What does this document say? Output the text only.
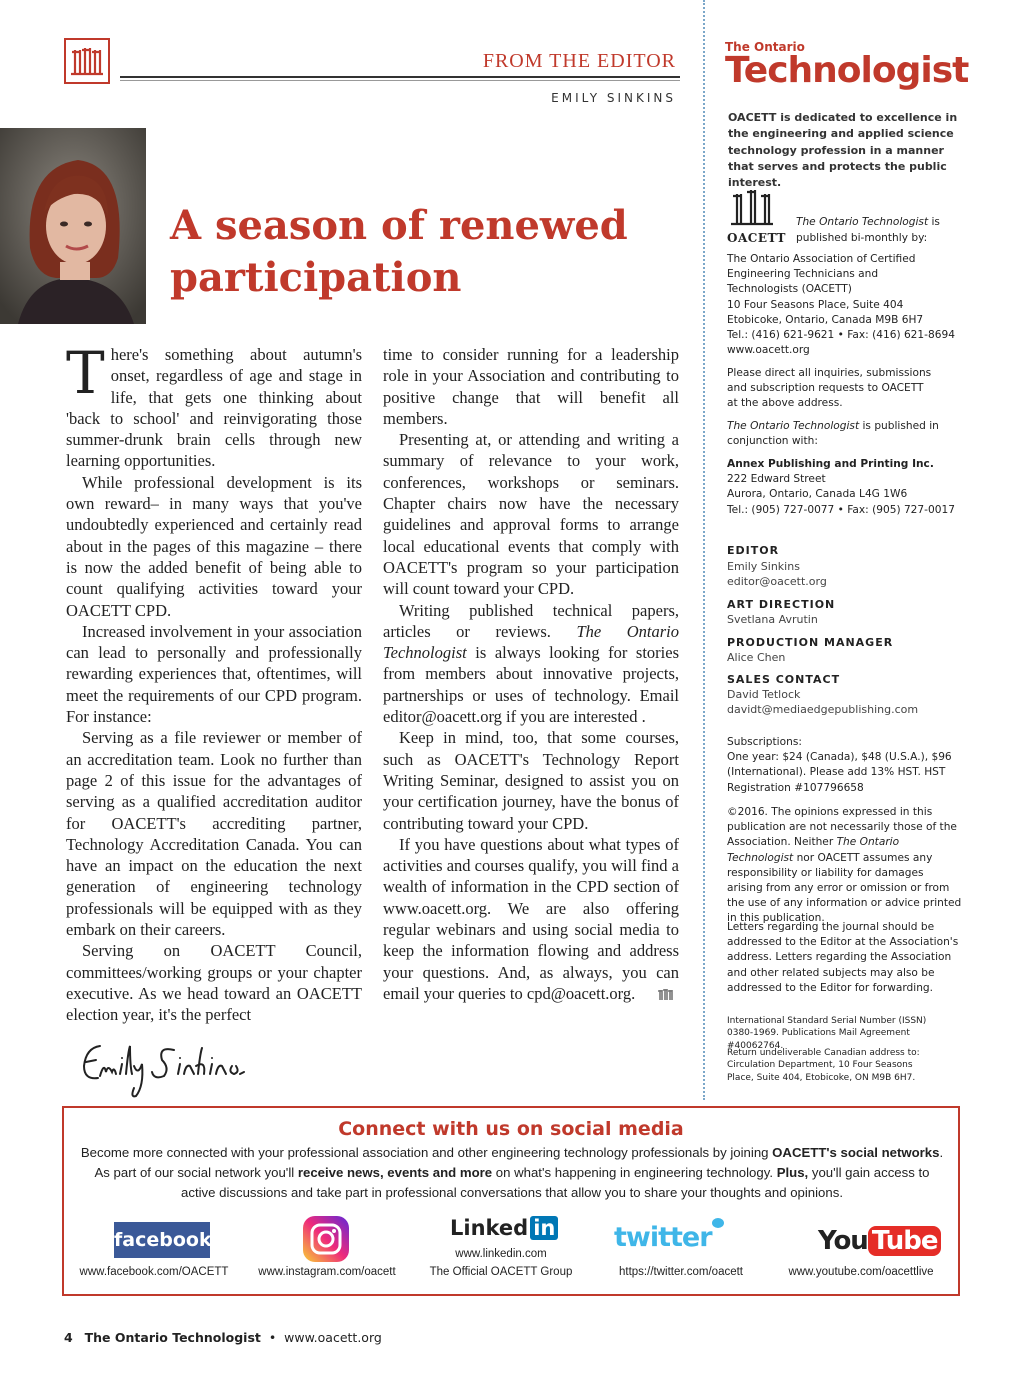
FROM THE EDITOR
EMILY SINKINS
A season of renewed
participation

There's something about autumn's onset, regardless of age and stage in life, that gets one thinking about 'back to school' and reinvigorating those summer-drunk brain cells through new learning opportunities.

While professional development is its own reward– in many ways that you've undoubtedly experienced and certainly read about in the pages of this magazine – there is now the added benefit of being able to count qualifying activities toward your OACETT CPD.

Increased involvement in your association can lead to personally and professionally rewarding experiences that, oftentimes, will meet the requirements of our CPD program. For instance:

Serving as a file reviewer or member of an accreditation team. Look no further than page 2 of this issue for the advantages of serving as a qualified accreditation auditor for OACETT's accrediting partner, Technology Accreditation Canada. You can have an impact on the education the next generation of engineering technology professionals will be equipped with as they embark on their careers.

Serving on OACETT Council, committees/working groups or your chapter executive. As we head toward an OACETT election year, it's the perfect

time to consider running for a leadership role in your Association and contributing to positive change that will benefit all members.

Presenting at, or attending and writing a summary of relevance to your work, conferences, workshops or seminars. Chapter chairs now have the necessary guidelines and approval forms to arrange local educational events that comply with OACETT's program so your participation will count toward your CPD.

Writing published technical papers, articles or reviews. The Ontario Technologist is always looking for stories from members about innovative projects, partnerships or uses of technology. Email editor@oacett.org if you are interested .

Keep in mind, too, that some courses, such as OACETT's Technology Report Writing Seminar, designed to assist you on your certification journey, have the bonus of contributing toward your CPD.

If you have questions about what types of activities and courses qualify, you will find a wealth of information in the CPD section of www.oacett.org. We are also offering regular webinars and using social media to keep the information flowing and address your questions. And, as always, you can email your queries to cpd@oacett.org.

The Ontario
Technologist
OACETT is dedicated to excellence in the engineering and applied science technology profession in a manner that serves and protects the public interest.
OACETT
The Ontario Technologist is published bi-monthly by:
The Ontario Association of Certified
Engineering Technicians and
Technologists (OACETT)
10 Four Seasons Place, Suite 404
Etobicoke, Ontario, Canada M9B 6H7
Tel.: (416) 621-9621 • Fax: (416) 621-8694
www.oacett.org
Please direct all inquiries, submissions and subscription requests to OACETT at the above address.
The Ontario Technologist is published in conjunction with:
Annex Publishing and Printing Inc.
222 Edward Street
Aurora, Ontario, Canada L4G 1W6
Tel.: (905) 727-0077 • Fax: (905) 727-0017
EDITOR
Emily Sinkins
editor@oacett.org
ART DIRECTION
Svetlana Avrutin
PRODUCTION MANAGER
Alice Chen
SALES CONTACT
David Tetlock
davidt@mediaedgepublishing.com
Subscriptions:
One year: $24 (Canada), $48 (U.S.A.), $96 (International). Please add 13% HST. HST Registration #107796658
©2016. The opinions expressed in this publication are not necessarily those of the Association. Neither The Ontario Technologist nor OACETT assumes any responsibility or liability for damages arising from any error or omission or from the use of any information or advice printed in this publication.
Letters regarding the journal should be addressed to the Editor at the Association's address. Letters regarding the Association and other related subjects may also be addressed to the Editor for forwarding.
International Standard Serial Number (ISSN) 0380-1969. Publications Mail Agreement #40062764.
Return undeliverable Canadian address to: Circulation Department, 10 Four Seasons Place, Suite 404, Etobicoke, ON M9B 6H7.
Connect with us on social media
Become more connected with your professional association and other engineering technology professionals by joining OACETT's social networks. As part of our social network you'll receive news, events and more on what's happening in engineering technology. Plus, you'll gain access to active discussions and take part in professional conversations that allow you to share your thoughts and opinions.
facebook
www.facebook.com/OACETT	www.instagram.com/oacett
Linked in
www.linkedin.com
The Official OACETT Group
twitter
https://twitter.com/oacett
You Tube
www.youtube.com/oacettlive
4 The Ontario Technologist • www.oacett.org
